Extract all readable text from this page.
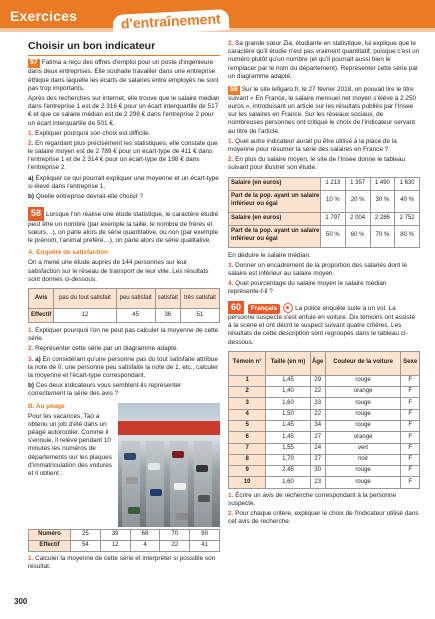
Exercices	d'entraînement
Choisir un bon indicateur

57 Fatima a reçu des offres d'emploi pour un poste d'ingénieure dans deux entreprises. Elle souhaite travailler dans une entreprise éthique dans laquelle les écarts de salaires entre employés ne sont pas trop importants.

Après des recherches sur internet, elle trouve que le salaire médian dans l'entreprise 1 est de 2 316 € pour un écart interquartile de 517 € et que ce salaire médian est de 2 298 € dans l'entreprise 2 pour un écart interquartile de 501 €.

1. Expliquer pourquoi son choix est difficile.

2. En regardant plus précisément les statistiques, elle constate que le salaire moyen est de 2 789 € pour un écart-type de 411 € dans l'entreprise 1 et de 2 314 € pour un écart-type de 198 € dans l'entreprise 2.

a) Expliquer ce qui pourrait expliquer une moyenne et un écart-type si élevé dans l'entreprise 1.

b) Quelle entreprise devrait-elle choisir ?

58 Lorsque l'on réalise une étude statistique, le caractère étudié peut être un nombre (par exemple la taille, le nombre de frères et sœurs…), on parle alors de série quantitative, ou non (par exemple le prénom, l'animal préféré…), on parle alors de série qualitative.

A. Enquête de satisfaction

On a mené une étude auprès de 144 personnes sur leur satisfaction sur le réseau de transport de leur ville. Les résultats sont donnés ci-dessous.

Avis	pas du tout satisfait	peu satisfait	satisfait	très satisfait
Effectif	12	45	36	51

1. Expliquer pourquoi l'on ne peut pas calculer la moyenne de cette série.

2. Représenter cette série par un diagramme adapté.

3. a) En considérant qu'une personne pas du tout satisfaite attribue la note de 0, une personne peu satisfaite la note de 1, etc., calculer la moyenne et l'écart-type correspondant.

b) Ces deux indicateurs vous semblent-ils représenter correctement la série des avis ?

B. Au péage

Pour les vacances, Tao a obtenu un job d'été dans un péage autoroutier. Comme il s'ennuie, il relève pendant 10 minutes les numéros de départements sur les plaques d'immatriculation des voitures et il obtient :

Numéro	25	39	68	70	90
Effectif	54	12	4	22	41

1. Calculer la moyenne de cette série et interpréter si possible son résultat.

2. Sa grande sœur Zia, étudiante en statistique, lui explique que le caractère qu'il étudie n'est pas vraiment quantitatif, puisque c'est un numéro plutôt qu'un nombre (et qu'il pourrait aussi bien le remplacer par le nom du département). Représenter cette série par un diagramme adapté.

59 Sur le site lefigaro.fr, le 27 février 2018, on pouvait lire le titre suivant « En France, le salaire mensuel net moyen s'élève à 2 250 euros », introduisant un article sur les résultats publiés par l'Insee sur les salaires en France. Sur les réseaux sociaux, de nombreuses personnes ont critiqué le choix de l'indicateur servant au titre de l'article.

1. Quel autre indicateur aurait pu être utilisé à la place de la moyenne pour résumer la série des salaires en France ?

2. En plus du salaire moyen, le site de l'Insee donne le tableau suivant pour illustrer son étude.

Salaire (en euros)	1 213	1 357	1 490	1 630
Part de la pop. ayant un salaire inférieur ou égal	10 %	20 %	30 %	40 %
Salaire (en euros)	1 797	2 004	2 286	2 752
Part de la pop. ayant un salaire inférieur ou égal	50 %	60 %	70 %	80 %

En déduire le salaire médian.

3. Donner un encadrement de la proportion des salariés dont le salaire est inférieur au salaire moyen.

4. Quel pourcentage du salaire moyen le salaire médian représente-t-il ?

60 Français	La police enquête suite à un vol. La personne suspecte s'est enfuie en voiture. Dix témoins ont assisté à la scène et ont décrit le suspect suivant quatre critères. Les résultats de cette description sont regroupés dans le tableau ci-dessous.

Témoin n°	Taille (en m)	Âge	Couleur de la voiture	Sexe
1	1,45	29	rouge	F
2	1,40	22	orange	F
3	1,60	33	rouge	F
4	1,50	22	rouge	F
5	1,45	34	rouge	F
6	1,45	27	orange	F
7	1,55	24	vert	F
8	1,70	27	noir	F
9	2,45	30	rouge	F
10	1,60	23	rouge	F

1. Écrire un avis de recherche correspondant à la personne suspecte.

2. Pour chaque critère, expliquer le choix de l'indicateur utilisé dans cet avis de recherche.

300
